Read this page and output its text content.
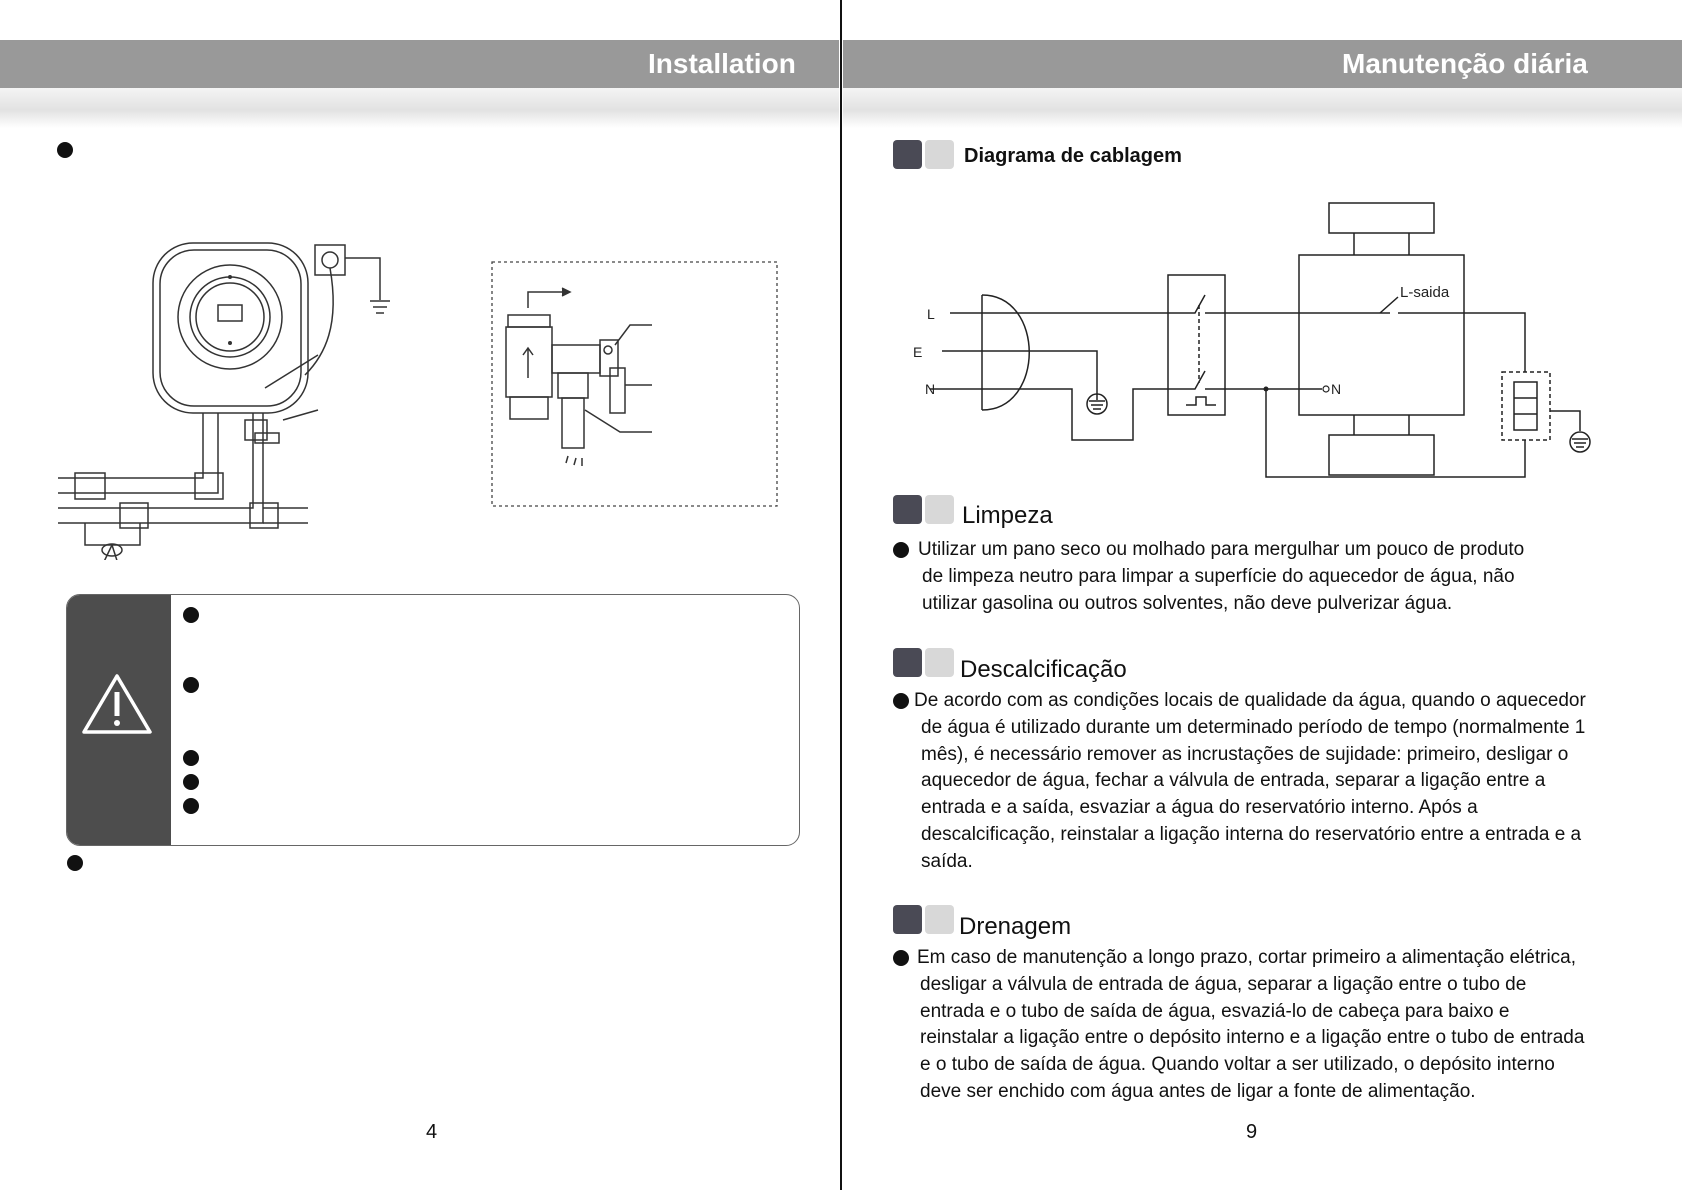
Installation
4
Manutenção diária
Diagrama de cablagem
L
E
N
L-saida
N
Limpeza
Utilizar um pano seco ou molhado para mergulhar um pouco de produto
de limpeza neutro para limpar a superfície do aquecedor de água, não
utilizar gasolina ou outros solventes, não deve pulverizar água.
Descalcificação
De acordo com as condições locais de qualidade da água, quando o aquecedor
de água é utilizado durante um determinado período de tempo (normalmente 1
mês), é necessário remover as incrustações de sujidade: primeiro, desligar o
aquecedor de água, fechar a válvula de entrada, separar a ligação entre a
entrada e a saída, esvaziar a água do reservatório interno. Após a
descalcificação, reinstalar a ligação interna do reservatório entre a entrada e a
saída.
Drenagem
Em caso de manutenção a longo prazo, cortar primeiro a alimentação elétrica,
desligar a válvula de entrada de água, separar a ligação entre o tubo de
entrada e o tubo de saída de água, esvaziá-lo de cabeça para baixo e
reinstalar a ligação entre o depósito interno e a ligação entre o tubo de entrada
e o tubo de saída de água. Quando voltar a ser utilizado, o depósito interno
deve ser enchido com água antes de ligar a fonte de alimentação.
9
